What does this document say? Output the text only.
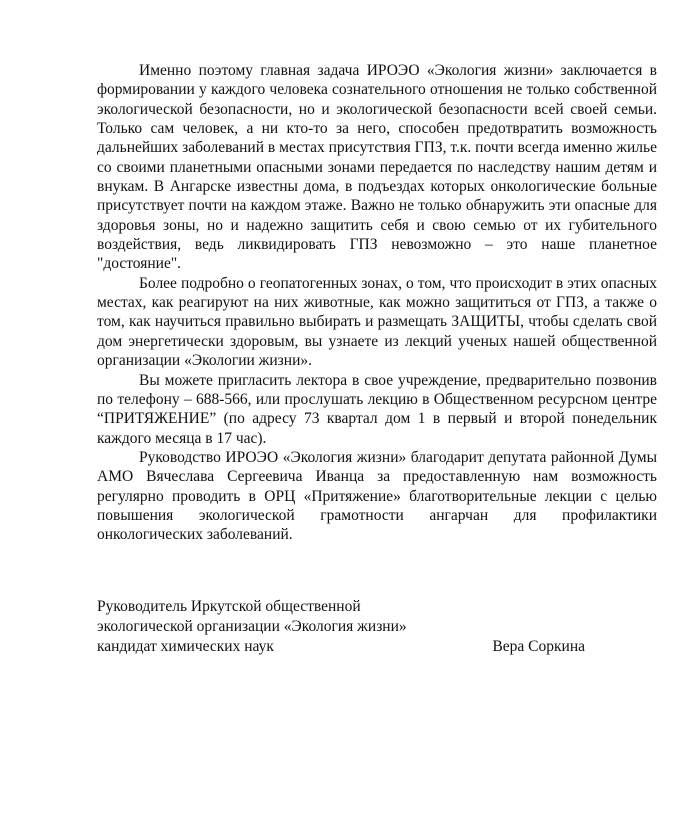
Именно поэтому главная задача ИРОЭО «Экология жизни» заключается в формировании у каждого человека сознательного отношения не только собственной экологической безопасности, но и экологической безопасности всей своей семьи. Только сам человек, а ни кто-то за него, способен предотвратить возможность дальнейших заболеваний в местах присутствия ГПЗ, т.к. почти всегда именно жилье со своими планетными опасными зонами передается по наследству нашим детям и внукам. В Ангарске известны дома, в подъездах которых онкологические больные присутствует почти на каждом этаже. Важно не только обнаружить эти опасные для здоровья зоны, но и надежно защитить себя и свою семью от их губительного воздействия, ведь ликвидировать ГПЗ невозможно – это наше планетное "достояние".

Более подробно о геопатогенных зонах, о том, что происходит в этих опасных местах, как реагируют на них животные, как можно защититься от ГПЗ, а также о том, как научиться правильно выбирать и размещать ЗАЩИТЫ, чтобы сделать свой дом энергетически здоровым, вы узнаете из лекций ученых нашей общественной организации «Экологии жизни».

Вы можете пригласить лектора в свое учреждение, предварительно позвонив по телефону – 688-566, или прослушать лекцию в Общественном ресурсном центре “ПРИТЯЖЕНИЕ” (по адресу 73 квартал дом 1 в первый и второй понедельник каждого месяца в 17 час).

Руководство ИРОЭО «Экология жизни» благодарит депутата районной Думы АМО Вячеслава Сергеевича Иванца за предоставленную нам возможность регулярно проводить в ОРЦ «Притяжение» благотворительные лекции с целью повышения экологической грамотности ангарчан для профилактики онкологических заболеваний.

Руководитель Иркутской общественной
экологической организации «Экология жизни»
кандидат химических наук	Вера Соркина
